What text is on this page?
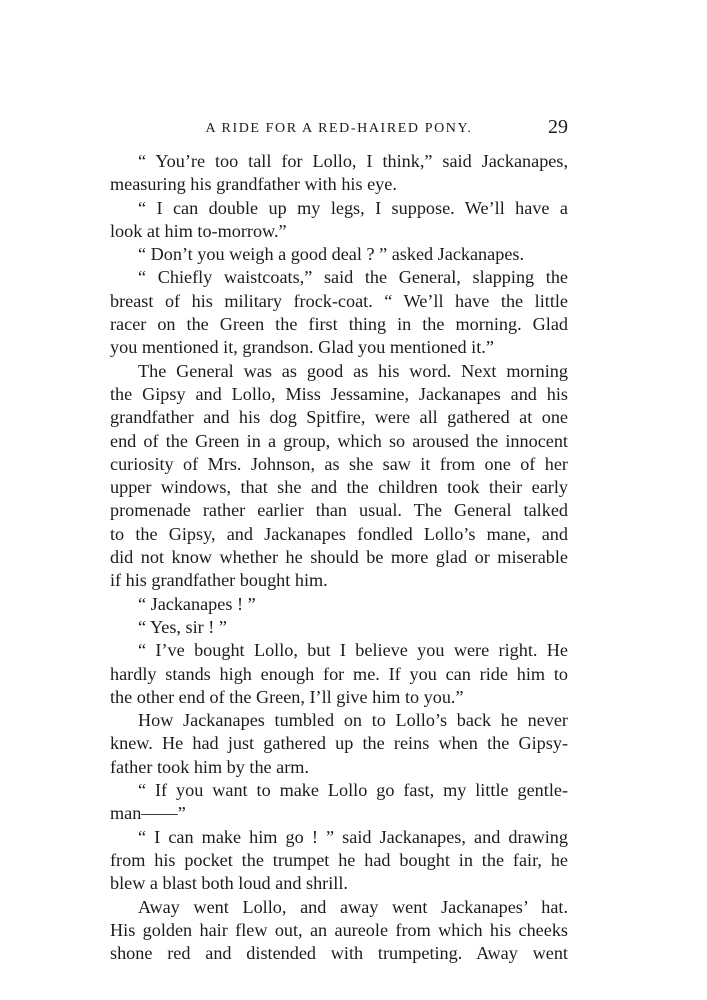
A RIDE FOR A RED-HAIRED PONY.	29
“ You’re too tall for Lollo, I think,” said Jackanapes,
measuring his grandfather with his eye.
“ I can double up my legs, I suppose. We’ll have a
look at him to-morrow.”
“ Don’t you weigh a good deal ? ” asked Jackanapes.
“ Chiefly waistcoats,” said the General, slapping the
breast of his military frock-coat. “ We’ll have the little
racer on the Green the first thing in the morning. Glad
you mentioned it, grandson. Glad you mentioned it.”
The General was as good as his word. Next morning
the Gipsy and Lollo, Miss Jessamine, Jackanapes and his
grandfather and his dog Spitfire, were all gathered at one
end of the Green in a group, which so aroused the innocent
curiosity of Mrs. Johnson, as she saw it from one of her
upper windows, that she and the children took their early
promenade rather earlier than usual. The General talked
to the Gipsy, and Jackanapes fondled Lollo’s mane, and
did not know whether he should be more glad or miserable
if his grandfather bought him.
“ Jackanapes ! ”
“ Yes, sir ! ”
“ I’ve bought Lollo, but I believe you were right. He
hardly stands high enough for me. If you can ride him to
the other end of the Green, I’ll give him to you.”
How Jackanapes tumbled on to Lollo’s back he never
knew. He had just gathered up the reins when the Gipsy-
father took him by the arm.
“ If you want to make Lollo go fast, my little gentle-
man——”
“ I can make him go ! ” said Jackanapes, and drawing
from his pocket the trumpet he had bought in the fair, he
blew a blast both loud and shrill.
Away went Lollo, and away went Jackanapes’ hat.
His golden hair flew out, an aureole from which his cheeks
shone red and distended with trumpeting. Away went
